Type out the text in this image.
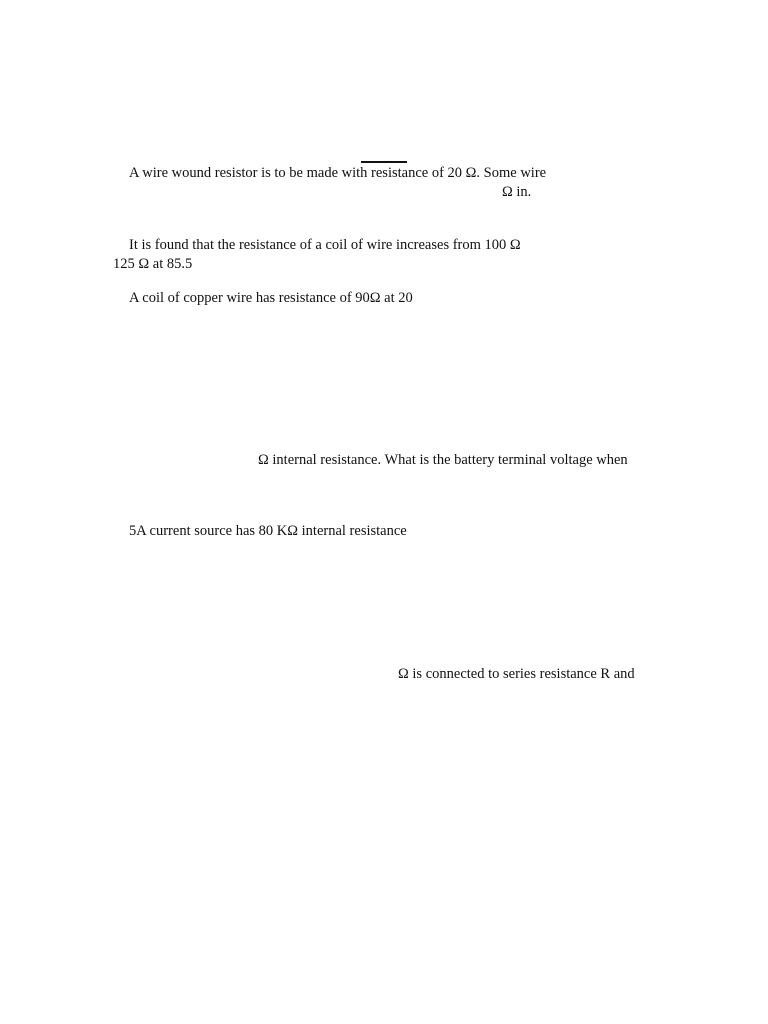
A wire wound resistor is to be made with resistance of 20 Ω. Some wire
Ω in.
It is found that the resistance of a coil of wire increases from 100 Ω
125 Ω at 85.5
A coil of copper wire has resistance of 90Ω at 20
Ω internal resistance. What is the battery terminal voltage when
5A current source has 80 KΩ internal resistance
Ω is connected to series resistance R and
